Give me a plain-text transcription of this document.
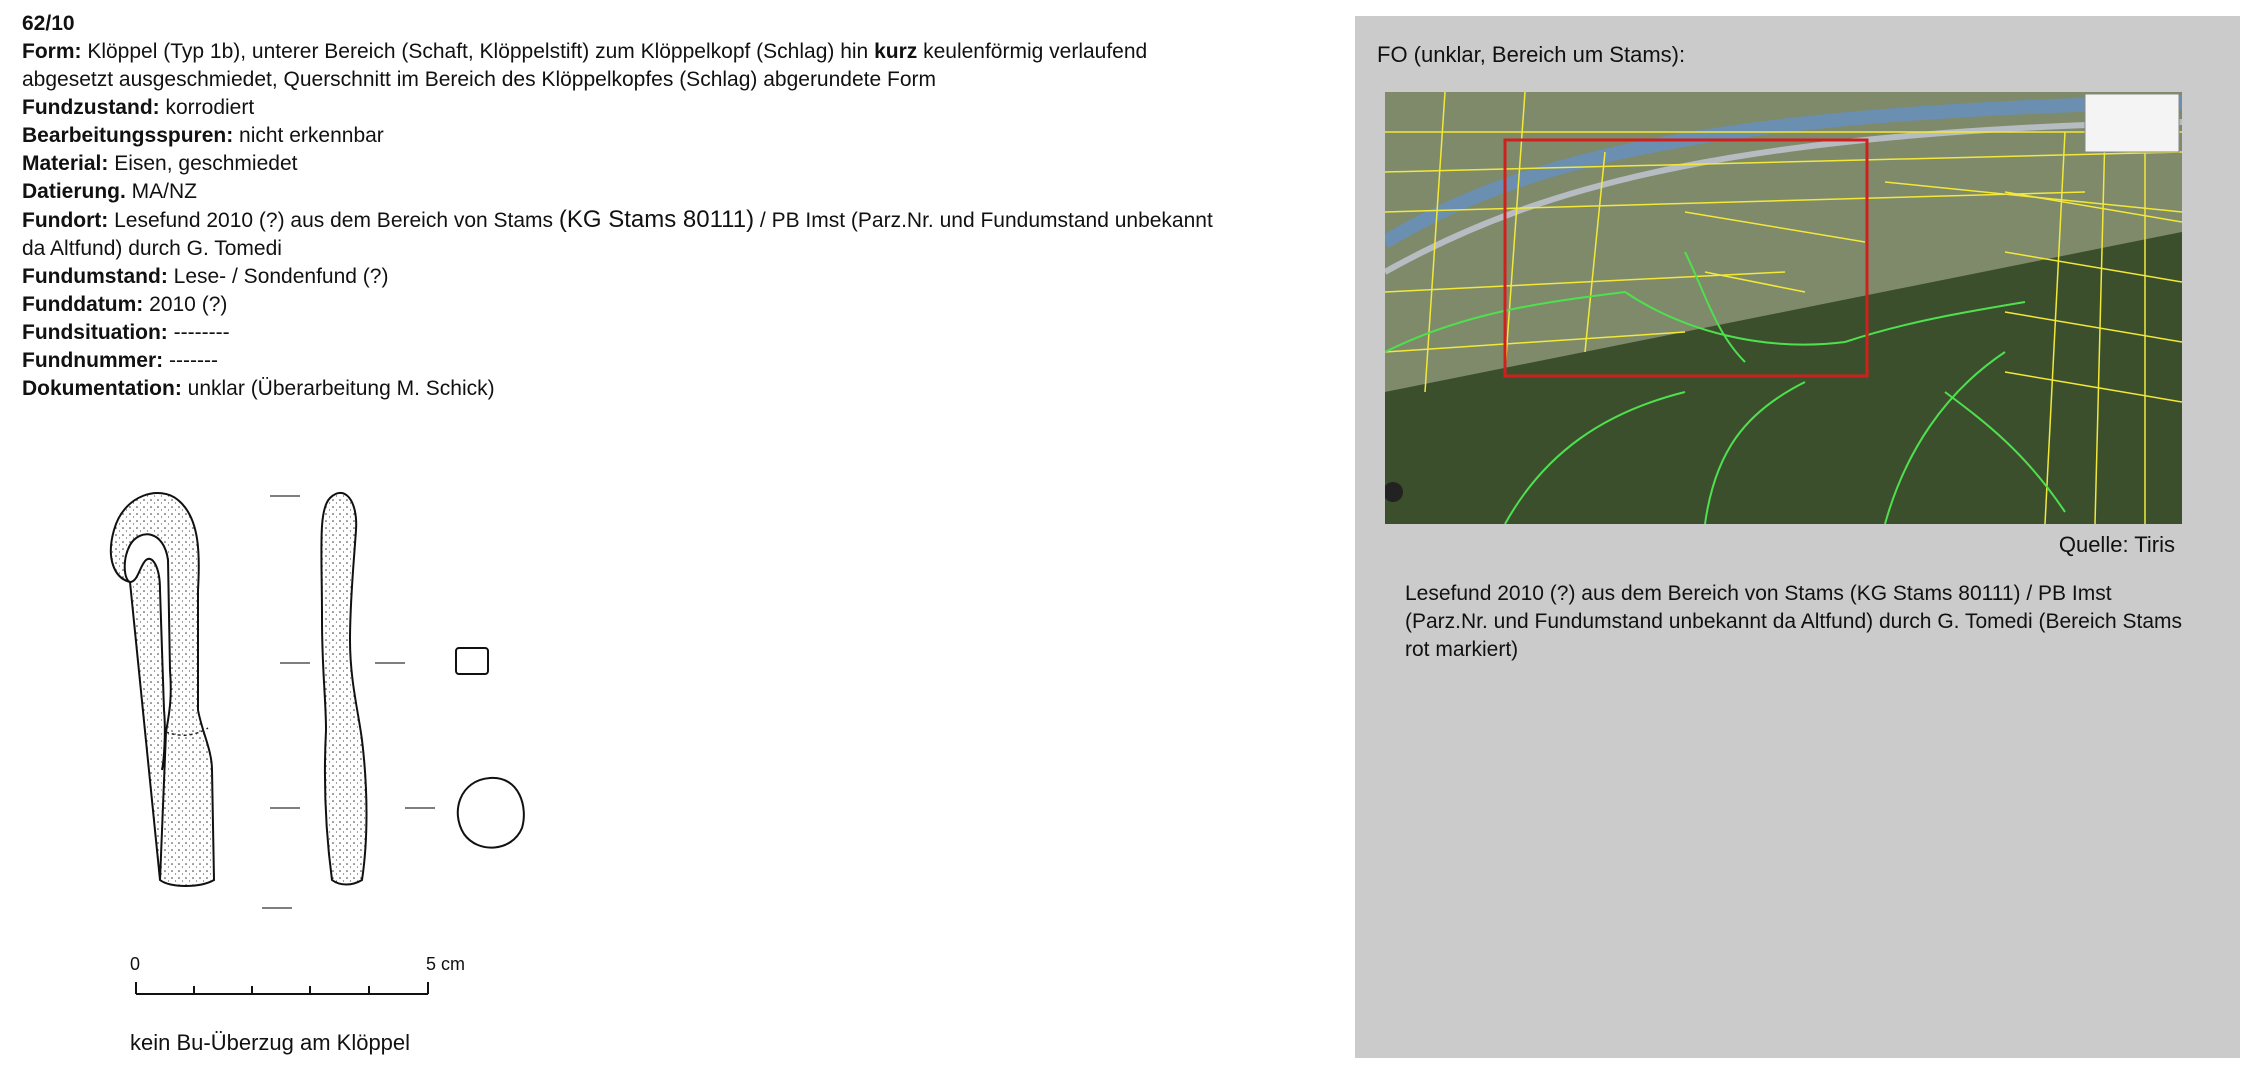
62/10
Form: Klöppel (Typ 1b), unterer Bereich (Schaft, Klöppelstift) zum Klöppelkopf (Schlag) hin kurz keulenförmig verlaufend
abgesetzt ausgeschmiedet, Querschnitt im Bereich des Klöppelkopfes (Schlag) abgerundete Form
Fundzustand: korrodiert
Bearbeitungsspuren: nicht erkennbar
Material: Eisen, geschmiedet
Datierung. MA/NZ
Fundort: Lesefund 2010 (?) aus dem Bereich von Stams (KG Stams 80111) / PB Imst (Parz.Nr. und Fundumstand unbekannt
da Altfund) durch G. Tomedi
Fundumstand: Lese- / Sondenfund (?)
Funddatum: 2010 (?)
Fundsituation: --------
Fundnummer: -------
Dokumentation: unklar (Überarbeitung M. Schick)
0	5 cm
kein Bu-Überzug am Klöppel
FO (unklar, Bereich um Stams):
Quelle: Tiris
Lesefund 2010 (?) aus dem Bereich von Stams (KG Stams 80111) / PB Imst (Parz.Nr. und Fundumstand unbekannt da Altfund) durch G. Tomedi (Bereich Stams rot markiert)
